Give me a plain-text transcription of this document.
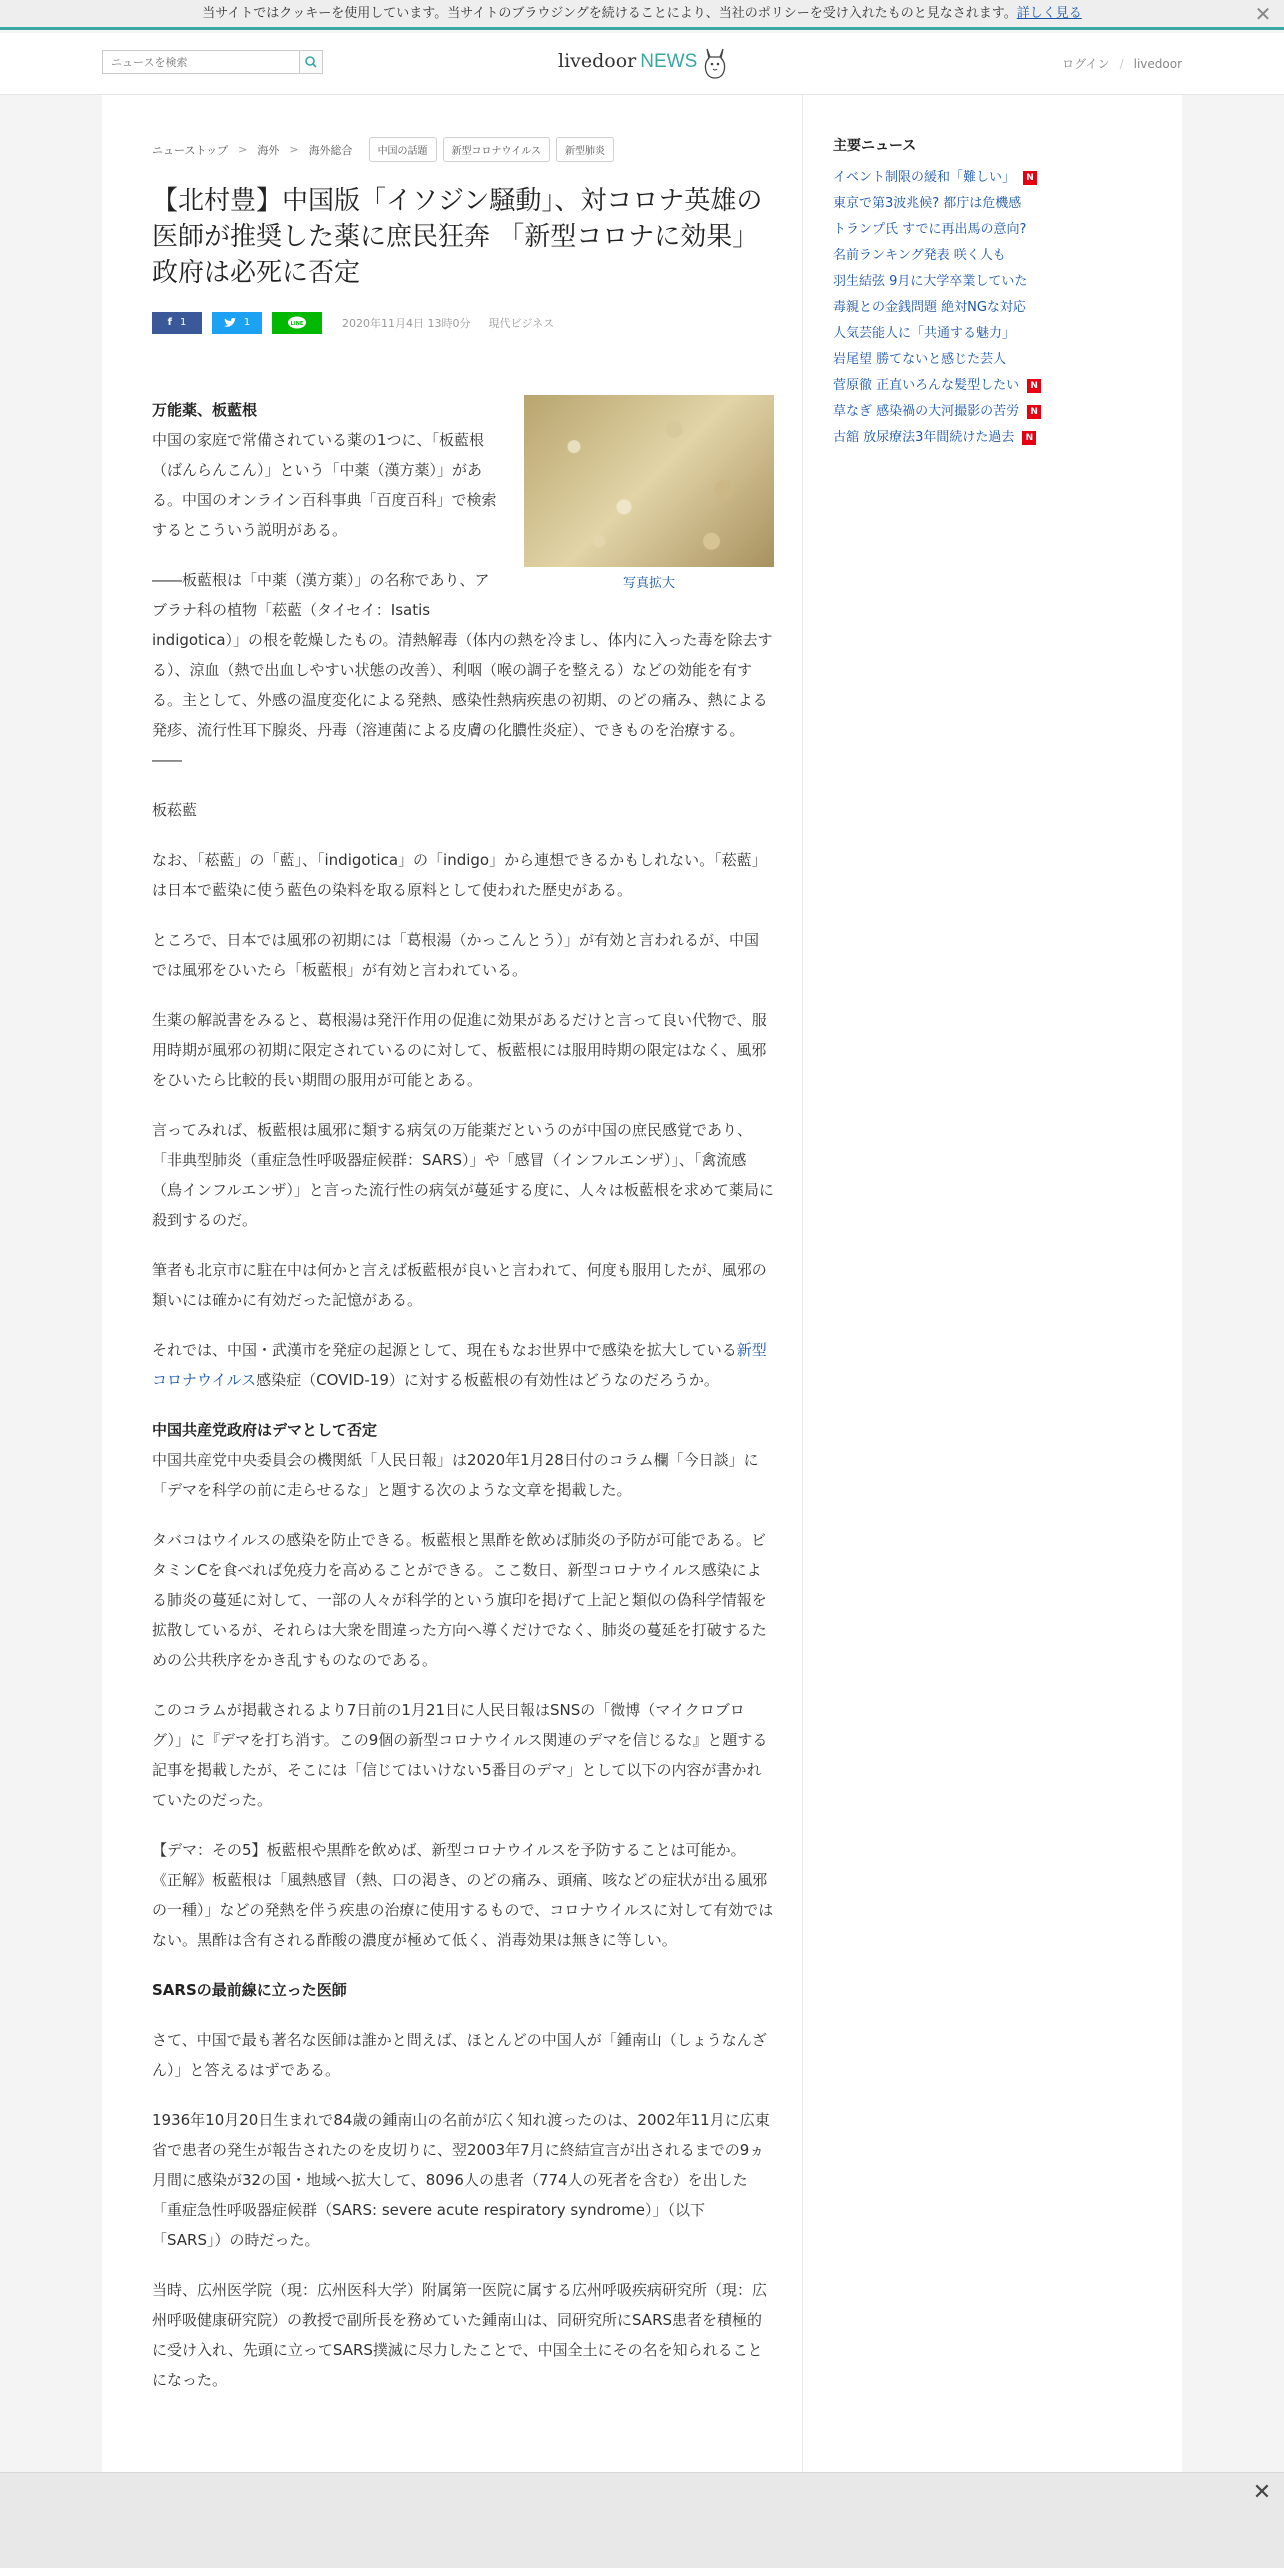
当サイトではクッキーを使用しています。当サイトのブラウジングを続けることにより、当社のポリシーを受け入れたものと見なされます。詳しく見る	✕
ニュースを検索
livedoor NEWS	ログイン / livedoor
ニューストップ > 海外 > 海外総合	中国の話題	新型コロナウイルス	新型肺炎
【北村豊】中国版「イソジン騒動」、対コロナ英雄の医師が推奨した薬に庶民狂奔 「新型コロナに効果」政府は必死に否定
f 1	1	LINE	2020年11月4日 13時0分 現代ビジネス
写真拡大
万能薬、板藍根

中国の家庭で常備されている薬の1つに、「板藍根（ばんらんこん）」という「中薬（漢方薬）」がある。中国のオンライン百科事典「百度百科」で検索するとこういう説明がある。

――板藍根は「中薬（漢方薬）」の名称であり、アブラナ科の植物「菘藍（タイセイ：Isatis　indigotica）」の根を乾燥したもの。清熱解毒（体内の熱を冷まし、体内に入った毒を除去する）、涼血（熱で出血しやすい状態の改善）、利咽（喉の調子を整える）などの効能を有する。主として、外感の温度変化による発熱、感染性熱病疾患の初期、のどの痛み、熱による発疹、流行性耳下腺炎、丹毒（溶連菌による皮膚の化膿性炎症）、できものを治療する。――

板菘藍

なお、「菘藍」の「藍」、「indigotica」の「indigo」から連想できるかもしれない。「菘藍」は日本で藍染に使う藍色の染料を取る原料として使われた歴史がある。

ところで、日本では風邪の初期には「葛根湯（かっこんとう）」が有効と言われるが、中国では風邪をひいたら「板藍根」が有効と言われている。

生薬の解説書をみると、葛根湯は発汗作用の促進に効果があるだけと言って良い代物で、服用時期が風邪の初期に限定されているのに対して、板藍根には服用時期の限定はなく、風邪をひいたら比較的長い期間の服用が可能とある。

言ってみれば、板藍根は風邪に類する病気の万能薬だというのが中国の庶民感覚であり、「非典型肺炎（重症急性呼吸器症候群：SARS）」や「感冒（インフルエンザ）」、「禽流感（鳥インフルエンザ）」と言った流行性の病気が蔓延する度に、人々は板藍根を求めて薬局に殺到するのだ。

筆者も北京市に駐在中は何かと言えば板藍根が良いと言われて、何度も服用したが、風邪の類いには確かに有効だった記憶がある。

それでは、中国・武漢市を発症の起源として、現在もなお世界中で感染を拡大している新型コロナウイルス感染症（COVID-19）に対する板藍根の有効性はどうなのだろうか。

中国共産党政府はデマとして否定

中国共産党中央委員会の機関紙「人民日報」は2020年1月28日付のコラム欄「今日談」に「デマを科学の前に走らせるな」と題する次のような文章を掲載した。

タバコはウイルスの感染を防止できる。板藍根と黒酢を飲めば肺炎の予防が可能である。ビタミンCを食べれば免疫力を高めることができる。ここ数日、新型コロナウイルス感染による肺炎の蔓延に対して、一部の人々が科学的という旗印を掲げて上記と類似の偽科学情報を拡散しているが、それらは大衆を間違った方向へ導くだけでなく、肺炎の蔓延を打破するための公共秩序をかき乱すものなのである。

このコラムが掲載されるより7日前の1月21日に人民日報はSNSの「微博（マイクロブログ）」に『デマを打ち消す。この9個の新型コロナウイルス関連のデマを信じるな』と題する記事を掲載したが、そこには「信じてはいけない5番目のデマ」として以下の内容が書かれていたのだった。

【デマ：その5】板藍根や黒酢を飲めば、新型コロナウイルスを予防することは可能か。
《正解》板藍根は「風熱感冒（熱、口の渇き、のどの痛み、頭痛、咳などの症状が出る風邪の一種）」などの発熱を伴う疾患の治療に使用するもので、コロナウイルスに対して有効ではない。黒酢は含有される酢酸の濃度が極めて低く、消毒効果は無きに等しい。

SARSの最前線に立った医師

さて、中国で最も著名な医師は誰かと問えば、ほとんどの中国人が「鍾南山（しょうなんざん）」と答えるはずである。

1936年10月20日生まれで84歳の鍾南山の名前が広く知れ渡ったのは、2002年11月に広東省で患者の発生が報告されたのを皮切りに、翌2003年7月に終結宣言が出されるまでの9ヵ月間に感染が32の国・地域へ拡大して、8096人の患者（774人の死者を含む）を出した「重症急性呼吸器症候群（SARS: severe acute respiratory syndrome）」（以下「SARS」）の時だった。

当時、広州医学院（現：広州医科大学）附属第一医院に属する広州呼吸疾病研究所（現：広州呼吸健康研究院）の教授で副所長を務めていた鍾南山は、同研究所にSARS患者を積極的に受け入れ、先頭に立ってSARS撲滅に尽力したことで、中国全土にその名を知られることになった。

主要ニュース
イベント制限の緩和「難しい」	N
東京で第3波兆候? 都庁は危機感
トランプ氏 すでに再出馬の意向?
名前ランキング発表 咲く人も
羽生結弦 9月に大学卒業していた
毒親との金銭問題 絶対NGな対応
人気芸能人に「共通する魅力」
岩尾望 勝てないと感じた芸人
菅原徹 正直いろんな髪型したい	N
草なぎ 感染禍の大河撮影の苦労	N
古舘 放尿療法3年間続けた過去	N
✕
